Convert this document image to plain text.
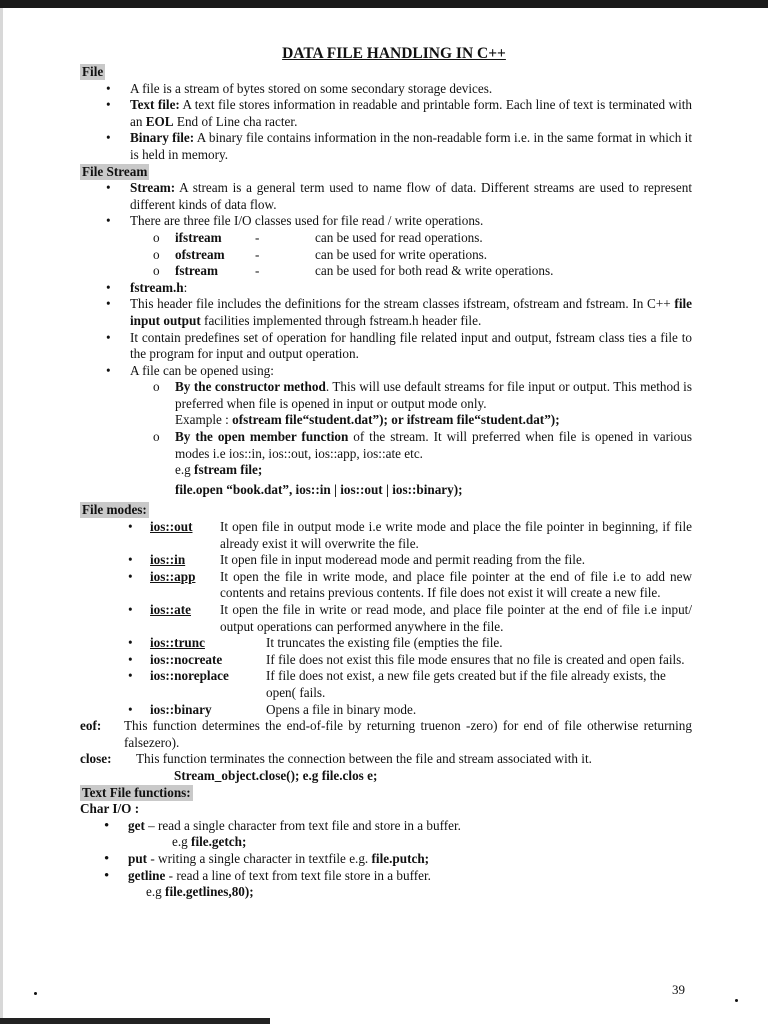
DATA FILE HANDLING IN C++
File
• A file is a stream of bytes stored on some secondary storage devices.
• Text file: A text file stores information in readable and printable form. Each line of text is terminated with an EOL End of Line cha racter.
• Binary file: A binary file contains information in the non-readable form i.e. in the same format in which it is held in memory.
File Stream
• Stream: A stream is a general term used to name flow of data. Different streams are used to represent different kinds of data flow.
• There are three file I/O classes used for file read / write operations.
o ifstream	-	can be used for read operations.
o ofstream -	can be used for write operations.
o fstream	-	can be used for both read & write operations.
• fstream.h:
• This header file includes the definitions for the stream classes ifstream, ofstream and fstream. In C++ file input output facilities implemented through fstream.h header file.
• It contain predefines set of operation for handling file related input and output, fstream class ties a file to the program for input and output operation.
• A file can be opened using:
o By the constructor method. This will use default streams for file input or output. This method is preferred when file is opened in input or output mode only.
Example : ofstream file“student.dat”); or ifstream file“student.dat”);
o By the open member function of the stream. It will preferred when file is opened in various modes i.e ios::in, ios::out, ios::app, ios::ate etc.
e.g fstream file;
file.open “book.dat”, ios::in | ios::out | ios::binary);
File modes:
• ios::out It open file in output mode i.e write mode and place the file pointer in beginning, if file already exist it will overwrite the file.
• ios::in	It open file in input moderead mode and permit reading from the file.
• ios::app It open the file in write mode, and place file pointer at the end of file i.e to add new contents and retains previous contents. If file does not exist it will create a new file.
• ios::ate It open the file in write or read mode, and place file pointer at the end of file i.e input/ output operations can performed anywhere in the file.
• ios::trunc	It truncates the existing file (empties the file.
• ios::nocreate	If file does not exist this file mode ensures that no file is created and open fails.
• ios::noreplace	If file does not exist, a new file gets created but if the file already exists, the open( fails.
• ios::binary	Opens a file in binary mode.
eof: This function determines the end-of-file by returning truenon -zero) for end of file otherwise returning falsezero).
close: This function terminates the connection between the file and stream associated with it.
Stream_object.close(); e.g file.clos e;
Text File functions:
Char I/O :
• get – read a single character from text file and store in a buffer.
e.g file.getch;
• put - writing a single character in textfile e.g. file.putch;
• getline - read a line of text from text file store in a buffer.
e.g file.getlines,80);
39
